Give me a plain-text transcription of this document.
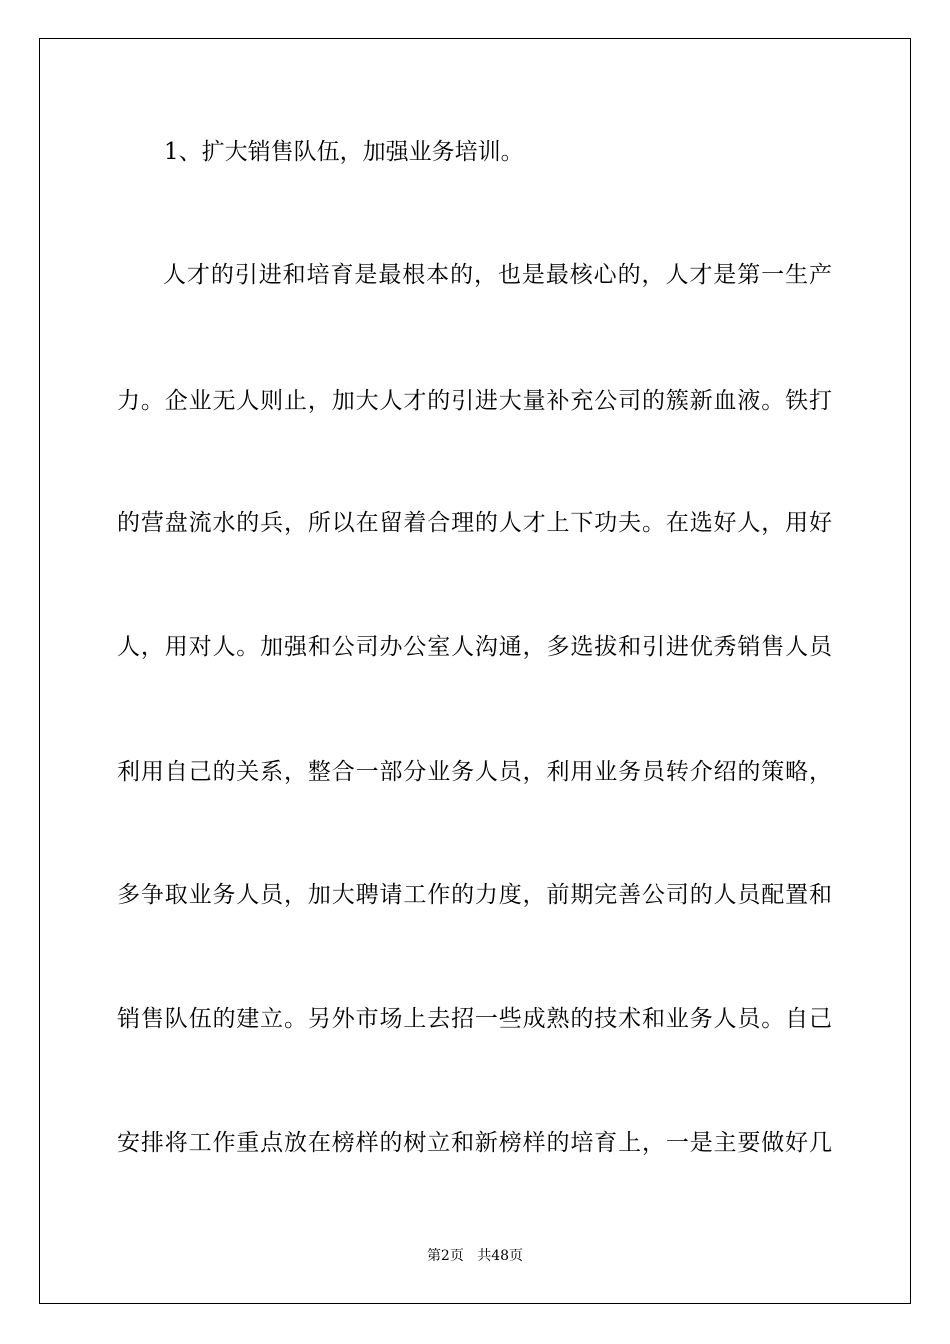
1、扩大销售队伍，加强业务培训。
人才的引进和培育是最根本的，也是最核心的，人才是第一生产
力。企业无人则止，加大人才的引进大量补充公司的簇新血液。铁打
的营盘流水的兵，所以在留着合理的人才上下功夫。在选好人，用好
人，用对人。加强和公司办公室人沟通，多选拔和引进优秀销售人员
利用自己的关系，整合一部分业务人员，利用业务员转介绍的策略，
多争取业务人员，加大聘请工作的力度，前期完善公司的人员配置和
销售队伍的建立。另外市场上去招一些成熟的技术和业务人员。自己
安排将工作重点放在榜样的树立和新榜样的培育上，一是主要做好几
第2页 共48页
